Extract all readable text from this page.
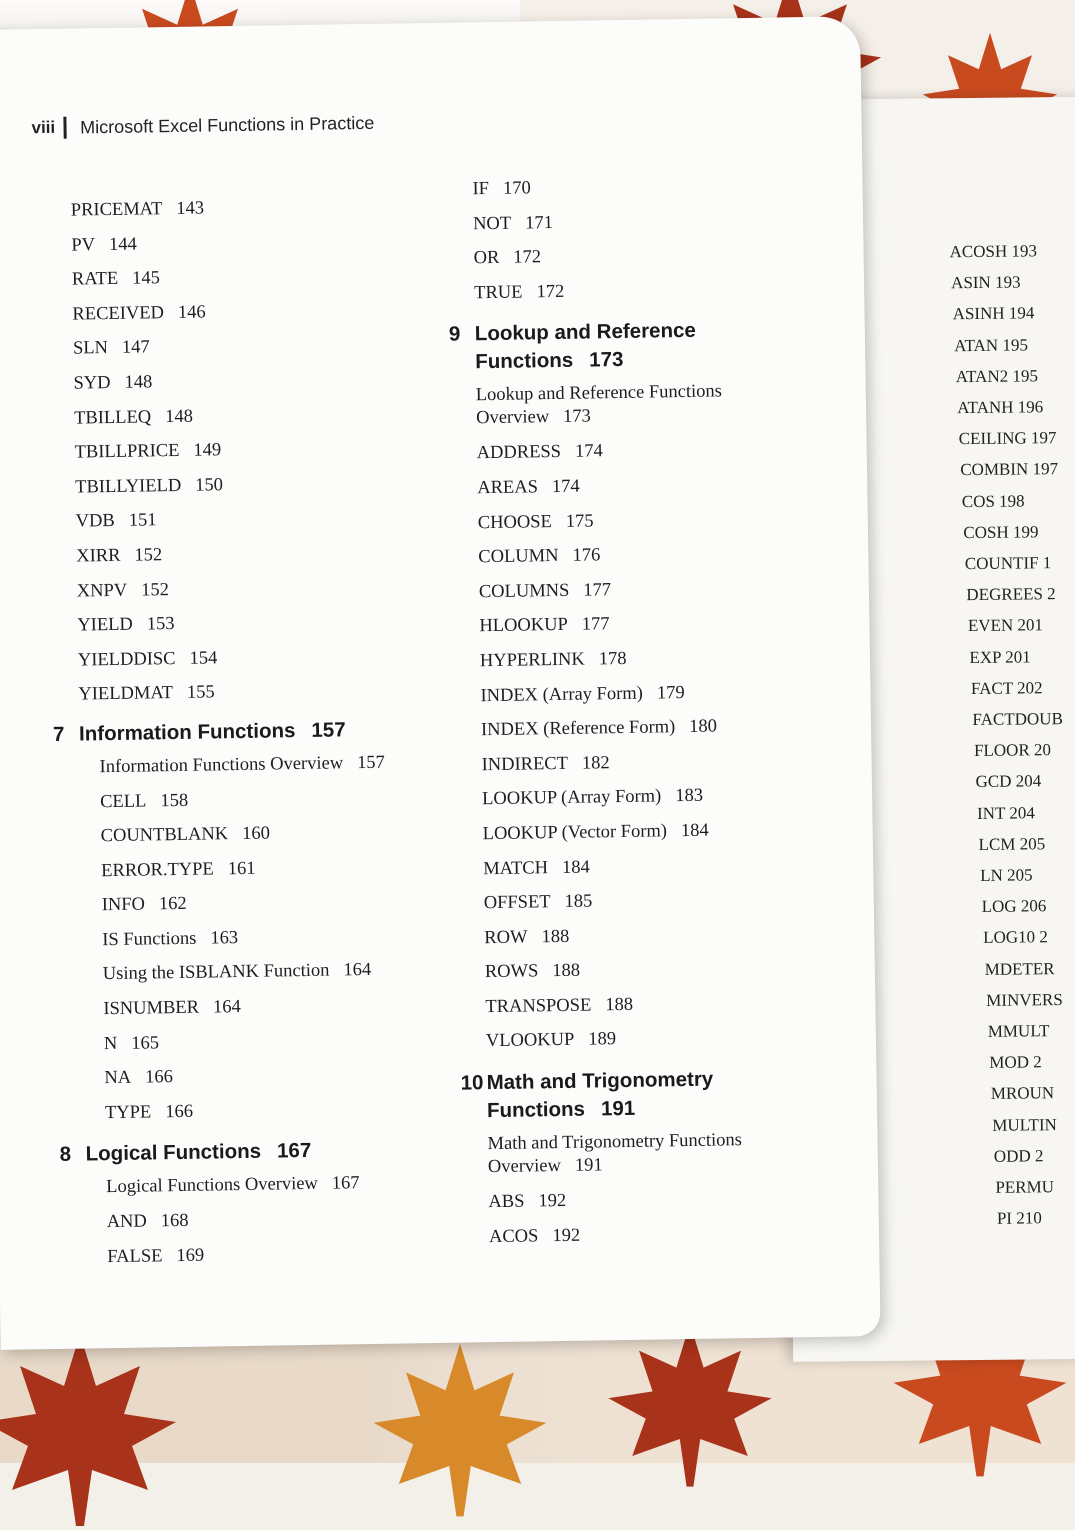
ACOSH 193
ASIN 193
ASINH 194
ATAN 195
ATAN2 195
ATANH 196
CEILING 197
COMBIN 197
COS 198
COSH 199
COUNTIF 1
DEGREES 2
EVEN 201
EXP 201
FACT 202
FACTDOUB
FLOOR 20
GCD 204
INT 204
LCM 205
LN 205
LOG 206
LOG10 2
MDETER
MINVERS
MMULT
MOD 2
MROUN
MULTIN
ODD 2
PERMU
PI 210
viii	Microsoft Excel Functions in Practice
PRICEMAT 143
PV 144
RATE 145
RECEIVED 146
SLN 147
SYD 148
TBILLEQ 148
TBILLPRICE 149
TBILLYIELD 150
VDB 151
XIRR 152
XNPV 152
YIELD 153
YIELDDISC 154
YIELDMAT 155
7 Information Functions 157
Information Functions Overview 157
CELL 158
COUNTBLANK 160
ERROR.TYPE 161
INFO 162
IS Functions 163
Using the ISBLANK Function 164
ISNUMBER 164
N 165
NA 166
TYPE 166
8 Logical Functions 167
Logical Functions Overview 167
AND 168
FALSE 169
IF 170
NOT 171
OR 172
TRUE 172
9 Lookup and Reference
Functions 173
Lookup and Reference Functions
Overview 173
ADDRESS 174
AREAS 174
CHOOSE 175
COLUMN 176
COLUMNS 177
HLOOKUP 177
HYPERLINK 178
INDEX (Array Form) 179
INDEX (Reference Form) 180
INDIRECT 182
LOOKUP (Array Form) 183
LOOKUP (Vector Form) 184
MATCH 184
OFFSET 185
ROW 188
ROWS 188
TRANSPOSE 188
VLOOKUP 189
10 Math and Trigonometry
Functions 191
Math and Trigonometry Functions
Overview 191
ABS 192
ACOS 192
